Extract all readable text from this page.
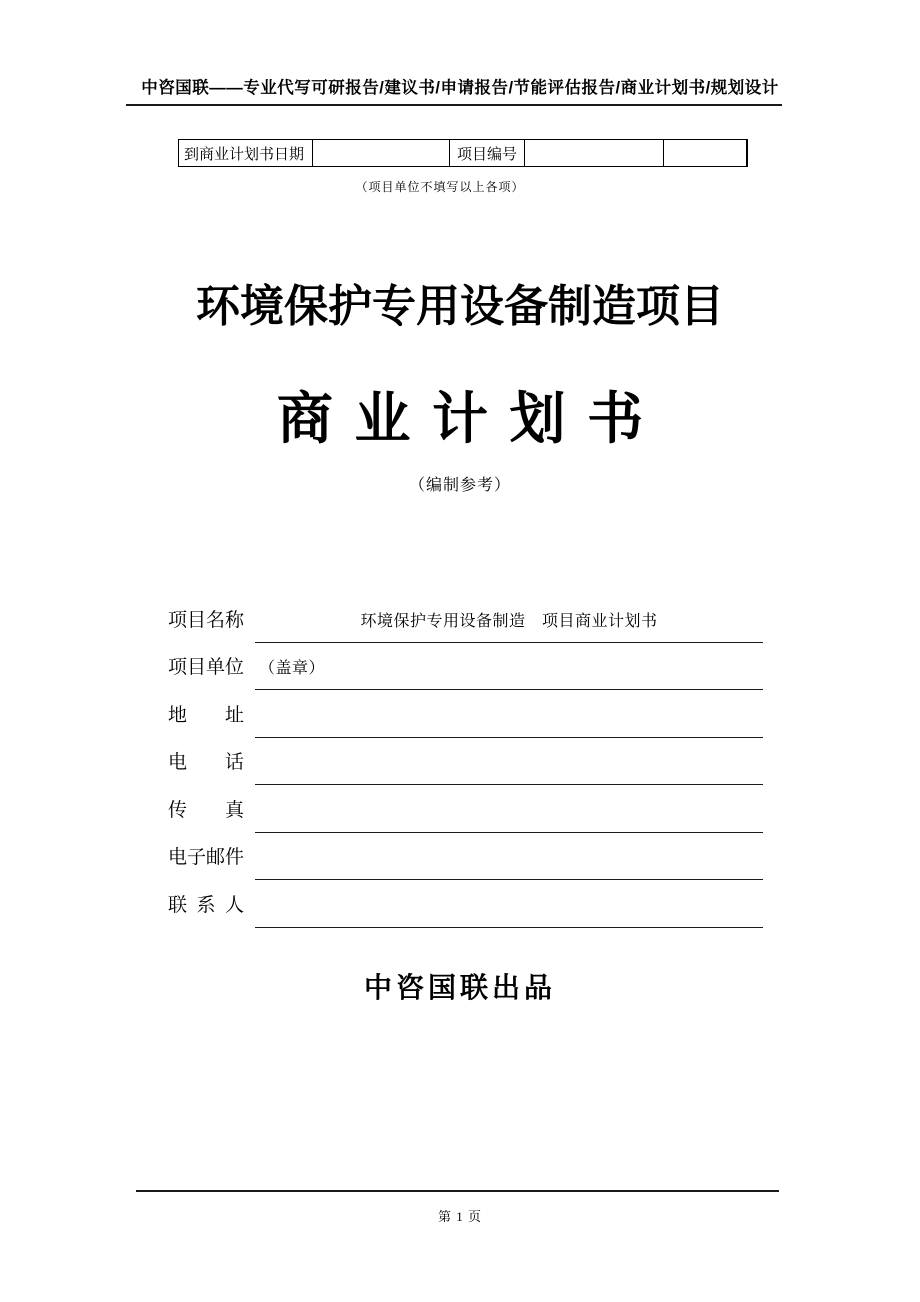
中咨国联——专业代写可研报告/建议书/申请报告/节能评估报告/商业计划书/规划设计
到商业计划书日期	项目编号
（项目单位不填写以上各项）
环境保护专用设备制造项目
商 业 计 划 书
（编制参考）
项目名称	环境保护专用设备制造　项目商业计划书
项目单位 （盖章）
地址
电话
传真
电子邮件
联系人
中咨国联出品
第 1 页
